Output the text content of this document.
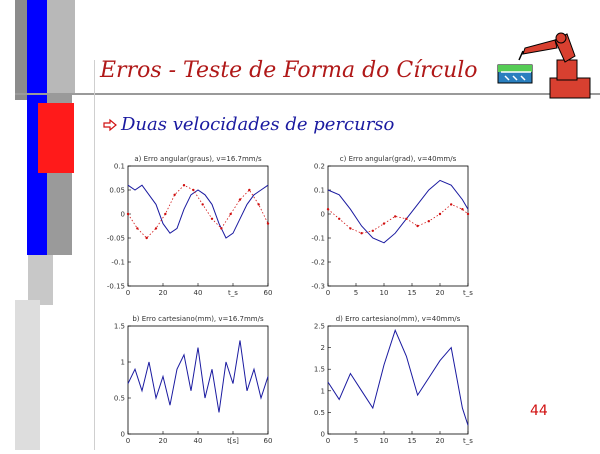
Erros - Teste de Forma do Círculo
Duas velocidades de percurso
a) Erro angular(graus), v=16.7mm/s
0.1
0.05
0
-0.05
-0.1
-0.15
0	20	40	t_s	60
c) Erro angular(grad), v=40mm/s
0.2
0.1
0
-0.1
-0.2
-0.3
0	5	10	15	20	t_s
b) Erro cartesiano(mm), v=16.7mm/s
1.5
1
0.5
0
0	20	40	t[s]	60
d) Erro cartesiano(mm), v=40mm/s
2.5
2
1.5
1
0.5
0
0	5	10	15	20	t_s
44
